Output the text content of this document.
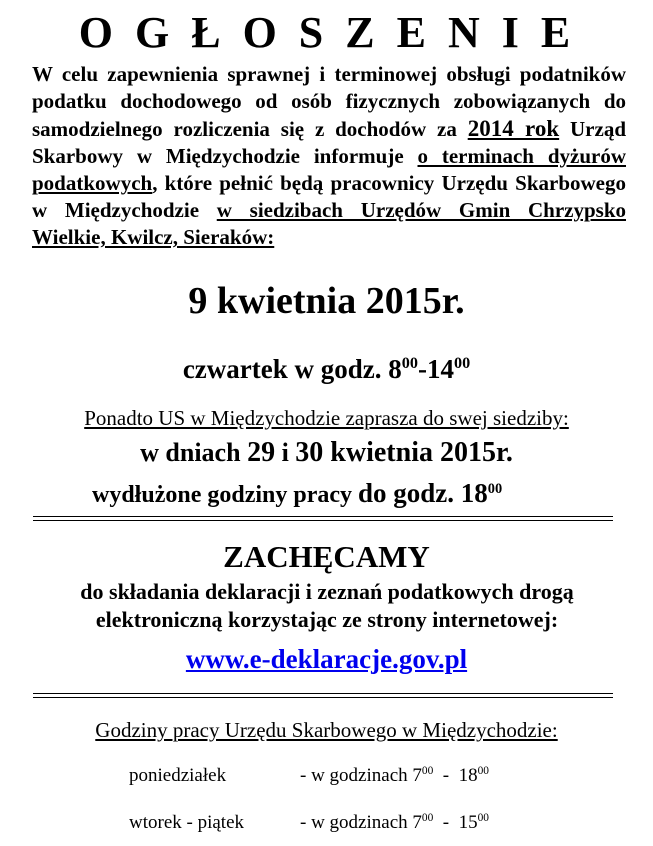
OGŁOSZENIE
W celu zapewnienia sprawnej i terminowej obsługi podatników podatku dochodowego od osób fizycznych zobowiązanych do samodzielnego rozliczenia się z dochodów za 2014 rok Urząd Skarbowy w Międzychodzie informuje o terminach dyżurów podatkowych, które pełnić będą pracownicy Urzędu Skarbowego w Międzychodzie w siedzibach Urzędów Gmin Chrzypsko Wielkie, Kwilcz, Sieraków:
9 kwietnia 2015r.
czwartek w godz. $8^{00}-14^{00}$
Ponadto US w Międzychodzie zaprasza do swej siedziby:
w dniach 29 i 30 kwietnia 2015r.
wydłużone godziny pracy do godz. $18^{00}$
ZACHĘCAMY
do składania deklaracji i zeznań podatkowych drogą elektroniczną korzystając ze strony internetowej:
www.e-deklaracje.gov.pl
Godziny pracy Urzędu Skarbowego w Międzychodzie:
poniedziałek	- w godzinach $7^{00} - 18^{00}$
wtorek - piątek	- w godzinach $7^{00} - 15^{00}$
